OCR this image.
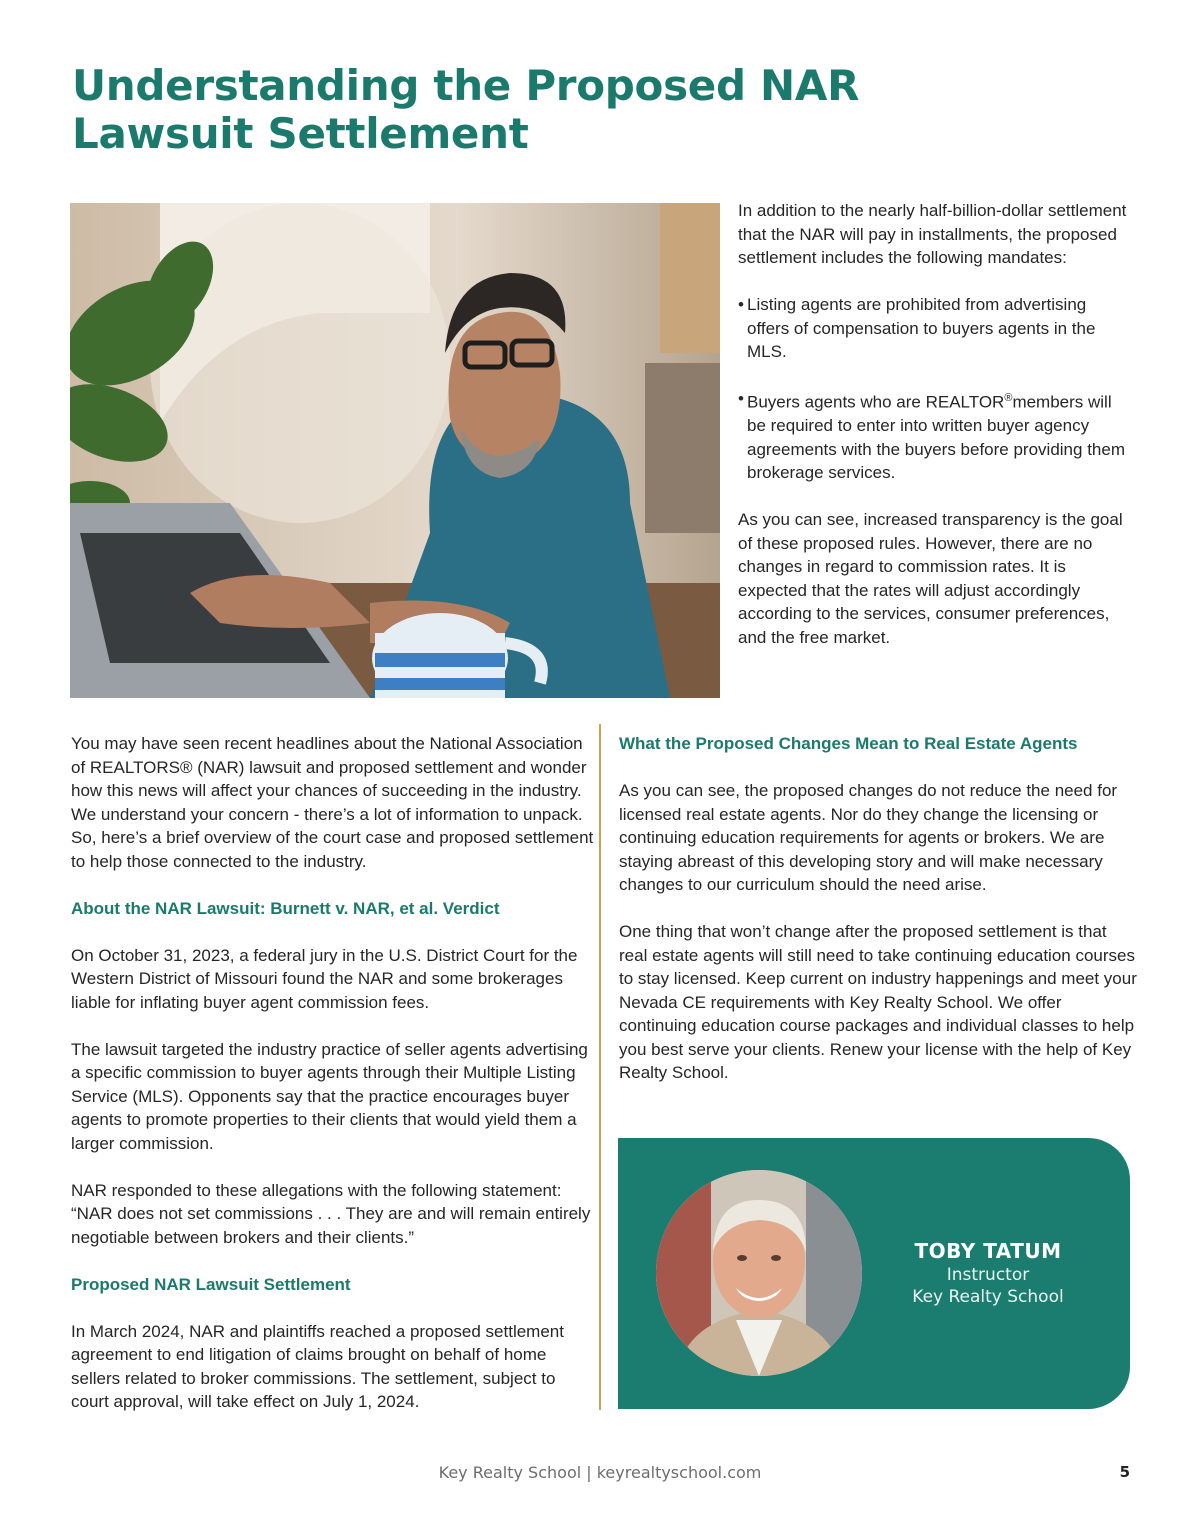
Understanding the Proposed NAR Lawsuit Settlement

In addition to the nearly half-billion-dollar settlement that the NAR will pay in installments, the proposed settlement includes the following mandates:

• Listing agents are prohibited from advertising offers of compensation to buyers agents in the MLS.
• Buyers agents who are REALTOR®members will be required to enter into written buyer agency agreements with the buyers before providing them brokerage services.

As you can see, increased transparency is the goal of these proposed rules. However, there are no changes in regard to commission rates. It is expected that the rates will adjust accordingly according to the services, consumer preferences, and the free market.

You may have seen recent headlines about the National Association of REALTORS® (NAR) lawsuit and proposed settlement and wonder how this news will affect your chances of succeeding in the industry. We understand your concern - there’s a lot of information to unpack. So, here’s a brief overview of the court case and proposed settlement to help those connected to the industry.

About the NAR Lawsuit: Burnett v. NAR, et al. Verdict

On October 31, 2023, a federal jury in the U.S. District Court for the Western District of Missouri found the NAR and some brokerages liable for inflating buyer agent commission fees.

The lawsuit targeted the industry practice of seller agents advertising a specific commission to buyer agents through their Multiple Listing Service (MLS). Opponents say that the practice encourages buyer agents to promote properties to their clients that would yield them a larger commission.

NAR responded to these allegations with the following statement: “NAR does not set commissions . . . They are and will remain entirely negotiable between brokers and their clients.”

Proposed NAR Lawsuit Settlement

In March 2024, NAR and plaintiffs reached a proposed settlement agreement to end litigation of claims brought on behalf of home sellers related to broker commissions. The settlement, subject to court approval, will take effect on July 1, 2024.

What the Proposed Changes Mean to Real Estate Agents

As you can see, the proposed changes do not reduce the need for licensed real estate agents. Nor do they change the licensing or continuing education requirements for agents or brokers. We are staying abreast of this developing story and will make necessary changes to our curriculum should the need arise.

One thing that won’t change after the proposed settlement is that real estate agents will still need to take continuing education courses to stay licensed. Keep current on industry happenings and meet your Nevada CE requirements with Key Realty School. We offer continuing education course packages and individual classes to help you best serve your clients. Renew your license with the help of Key Realty School.

TOBY TATUM
Instructor
Key Realty School
Key Realty School | keyrealtyschool.com	5
